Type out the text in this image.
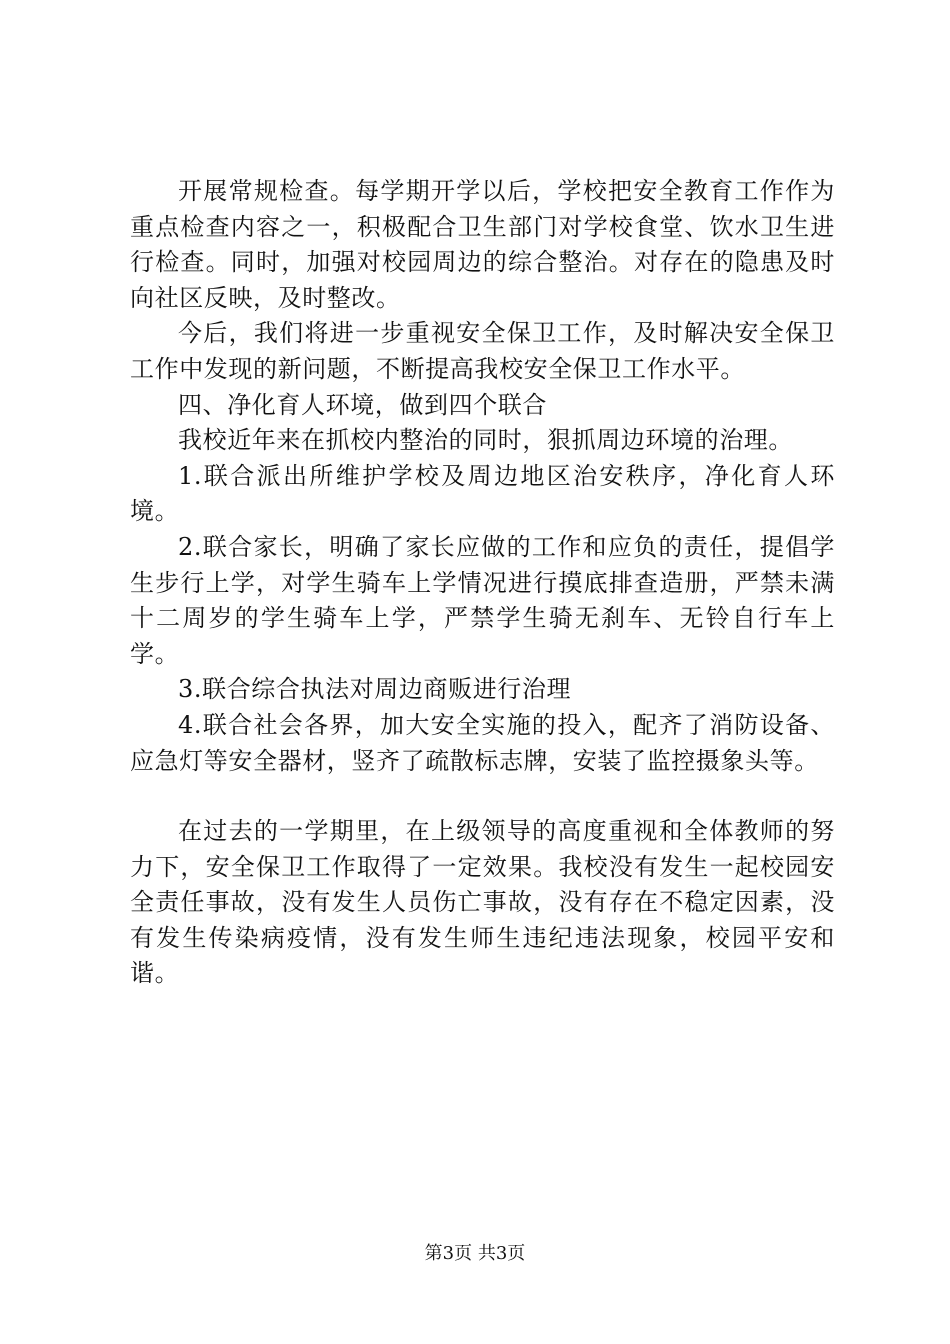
开展常规检查。每学期开学以后，学校把安全教育工作作为重点检查内容之一，积极配合卫生部门对学校食堂、饮水卫生进行检查。同时，加强对校园周边的综合整治。对存在的隐患及时向社区反映，及时整改。

今后，我们将进一步重视安全保卫工作，及时解决安全保卫工作中发现的新问题，不断提高我校安全保卫工作水平。

四、净化育人环境，做到四个联合

我校近年来在抓校内整治的同时，狠抓周边环境的治理。

1.联合派出所维护学校及周边地区治安秩序，净化育人环境。

2.联合家长，明确了家长应做的工作和应负的责任，提倡学生步行上学，对学生骑车上学情况进行摸底排查造册，严禁未满十二周岁的学生骑车上学，严禁学生骑无刹车、无铃自行车上学。

3.联合综合执法对周边商贩进行治理

4.联合社会各界，加大安全实施的投入，配齐了消防设备、应急灯等安全器材，竖齐了疏散标志牌，安装了监控摄象头等。

在过去的一学期里，在上级领导的高度重视和全体教师的努力下，安全保卫工作取得了一定效果。我校没有发生一起校园安全责任事故，没有发生人员伤亡事故，没有存在不稳定因素，没有发生传染病疫情，没有发生师生违纪违法现象，校园平安和谐。

第3页 共3页
